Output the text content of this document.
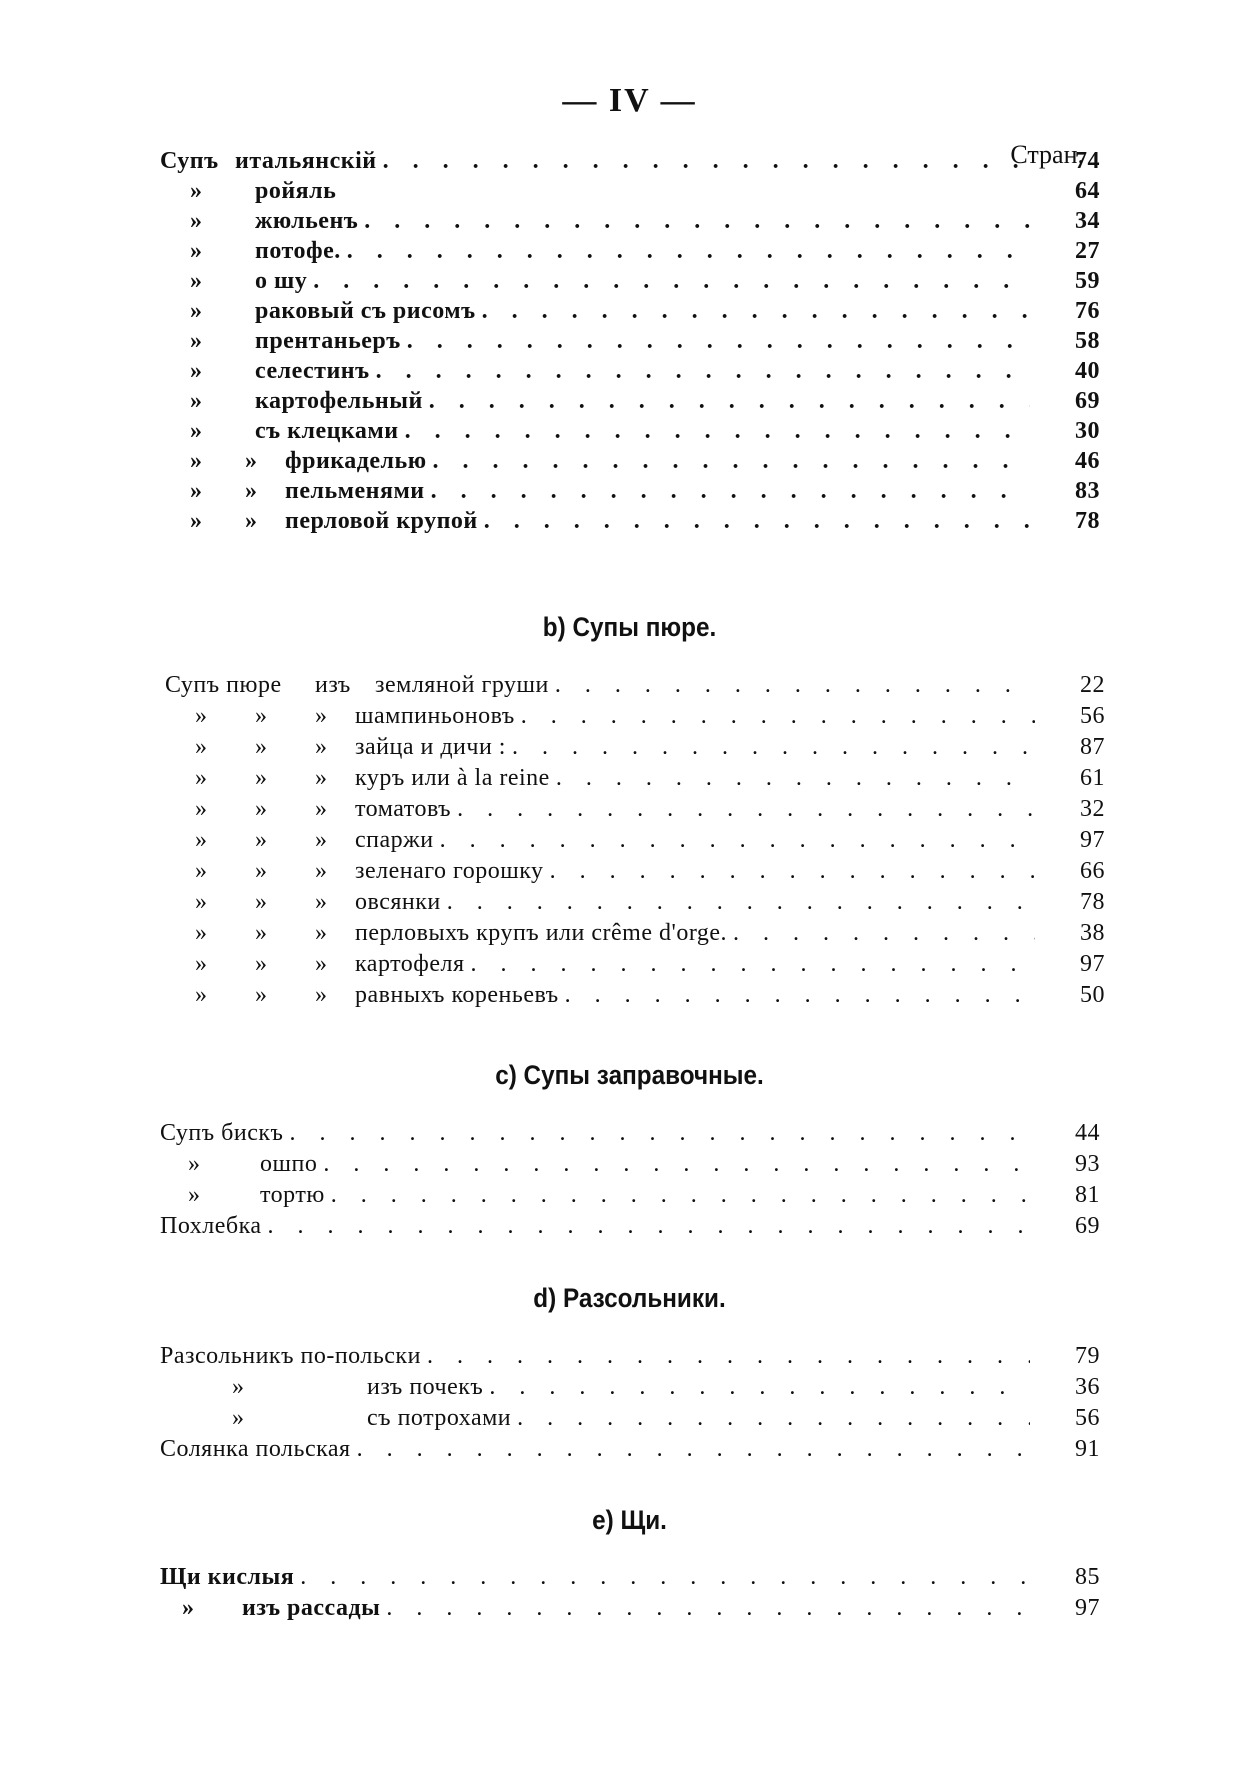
— IV —
Стран.
Супъ итальянскій . . .	74
»	ройяль	64
»	жюльенъ . . .	34
»	потофе. . . .	27
»	о шу . . .	59
»	раковый съ рисомъ . . .	76
»	прентаньеръ . . .	58
»	селестинъ . . .	40
»	картофельный . . .	69
»	съ клецками . . .	30
»	»	фрикаделью . . .	46
»	»	пельменями . . .	83
»	»	перловой крупой . . .	78
b) Супы пюре.
Супъ пюре	изъ	земляной груши . . .	22
»	»	»	шампиньоновъ . . .	56
»	»	»	зайца и дичи : . . .	87
»	»	»	куръ или à la reine . . .	61
»	»	»	томатовъ . . .	32
»	»	»	спаржи . . .	97
»	»	»	зеленаго горошку . . .	66
»	»	»	овсянки . . .	78
»	»	»	перловыхъ крупъ или crême d'orge. . . .	38
»	»	»	картофеля . . .	97
»	»	»	равныхъ кореньевъ . . .	50
с) Супы заправочные.
Супъ бискъ . . .	44
»	ошпо . . .	93
»	тортю . . .	81
Похлебка . . .	69
d) Разсольники.
Разсольникъ по-польски . . .	79
»	изъ почекъ . . .	36
»	съ потрохами . . .	56
Солянка польская . . .	91
е) Щи.
Щи кислыя . . .	85
»	изъ рассады . . .	97
